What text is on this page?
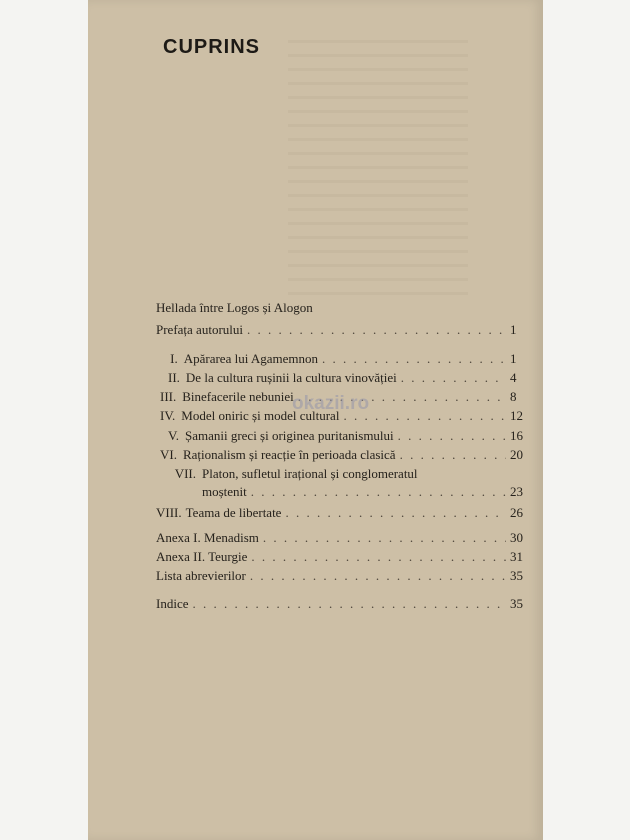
CUPRINS
Hellada între Logos și Alogon
Prefața autorului . . .	1
I. Apărarea lui Agamemnon . . .	1
II. De la cultura rușinii la cultura vinovăției . . .	4
III. Binefacerile nebuniei . . .	8
IV. Model oniric și model cultural . . .	12
V. Șamanii greci și originea puritanismului . . .	16
VI. Raționalism și reacție în perioada clasică . . .	20
VII. Platon, sufletul irațional și conglomeratul
moștenit . . .	23
VIII. Teama de libertate . . .	26
Anexa I. Menadism . . .	30
Anexa II. Teurgie . . .	31
Lista abrevierilor . . .	35
Indice . . .	35
okazii.ro
